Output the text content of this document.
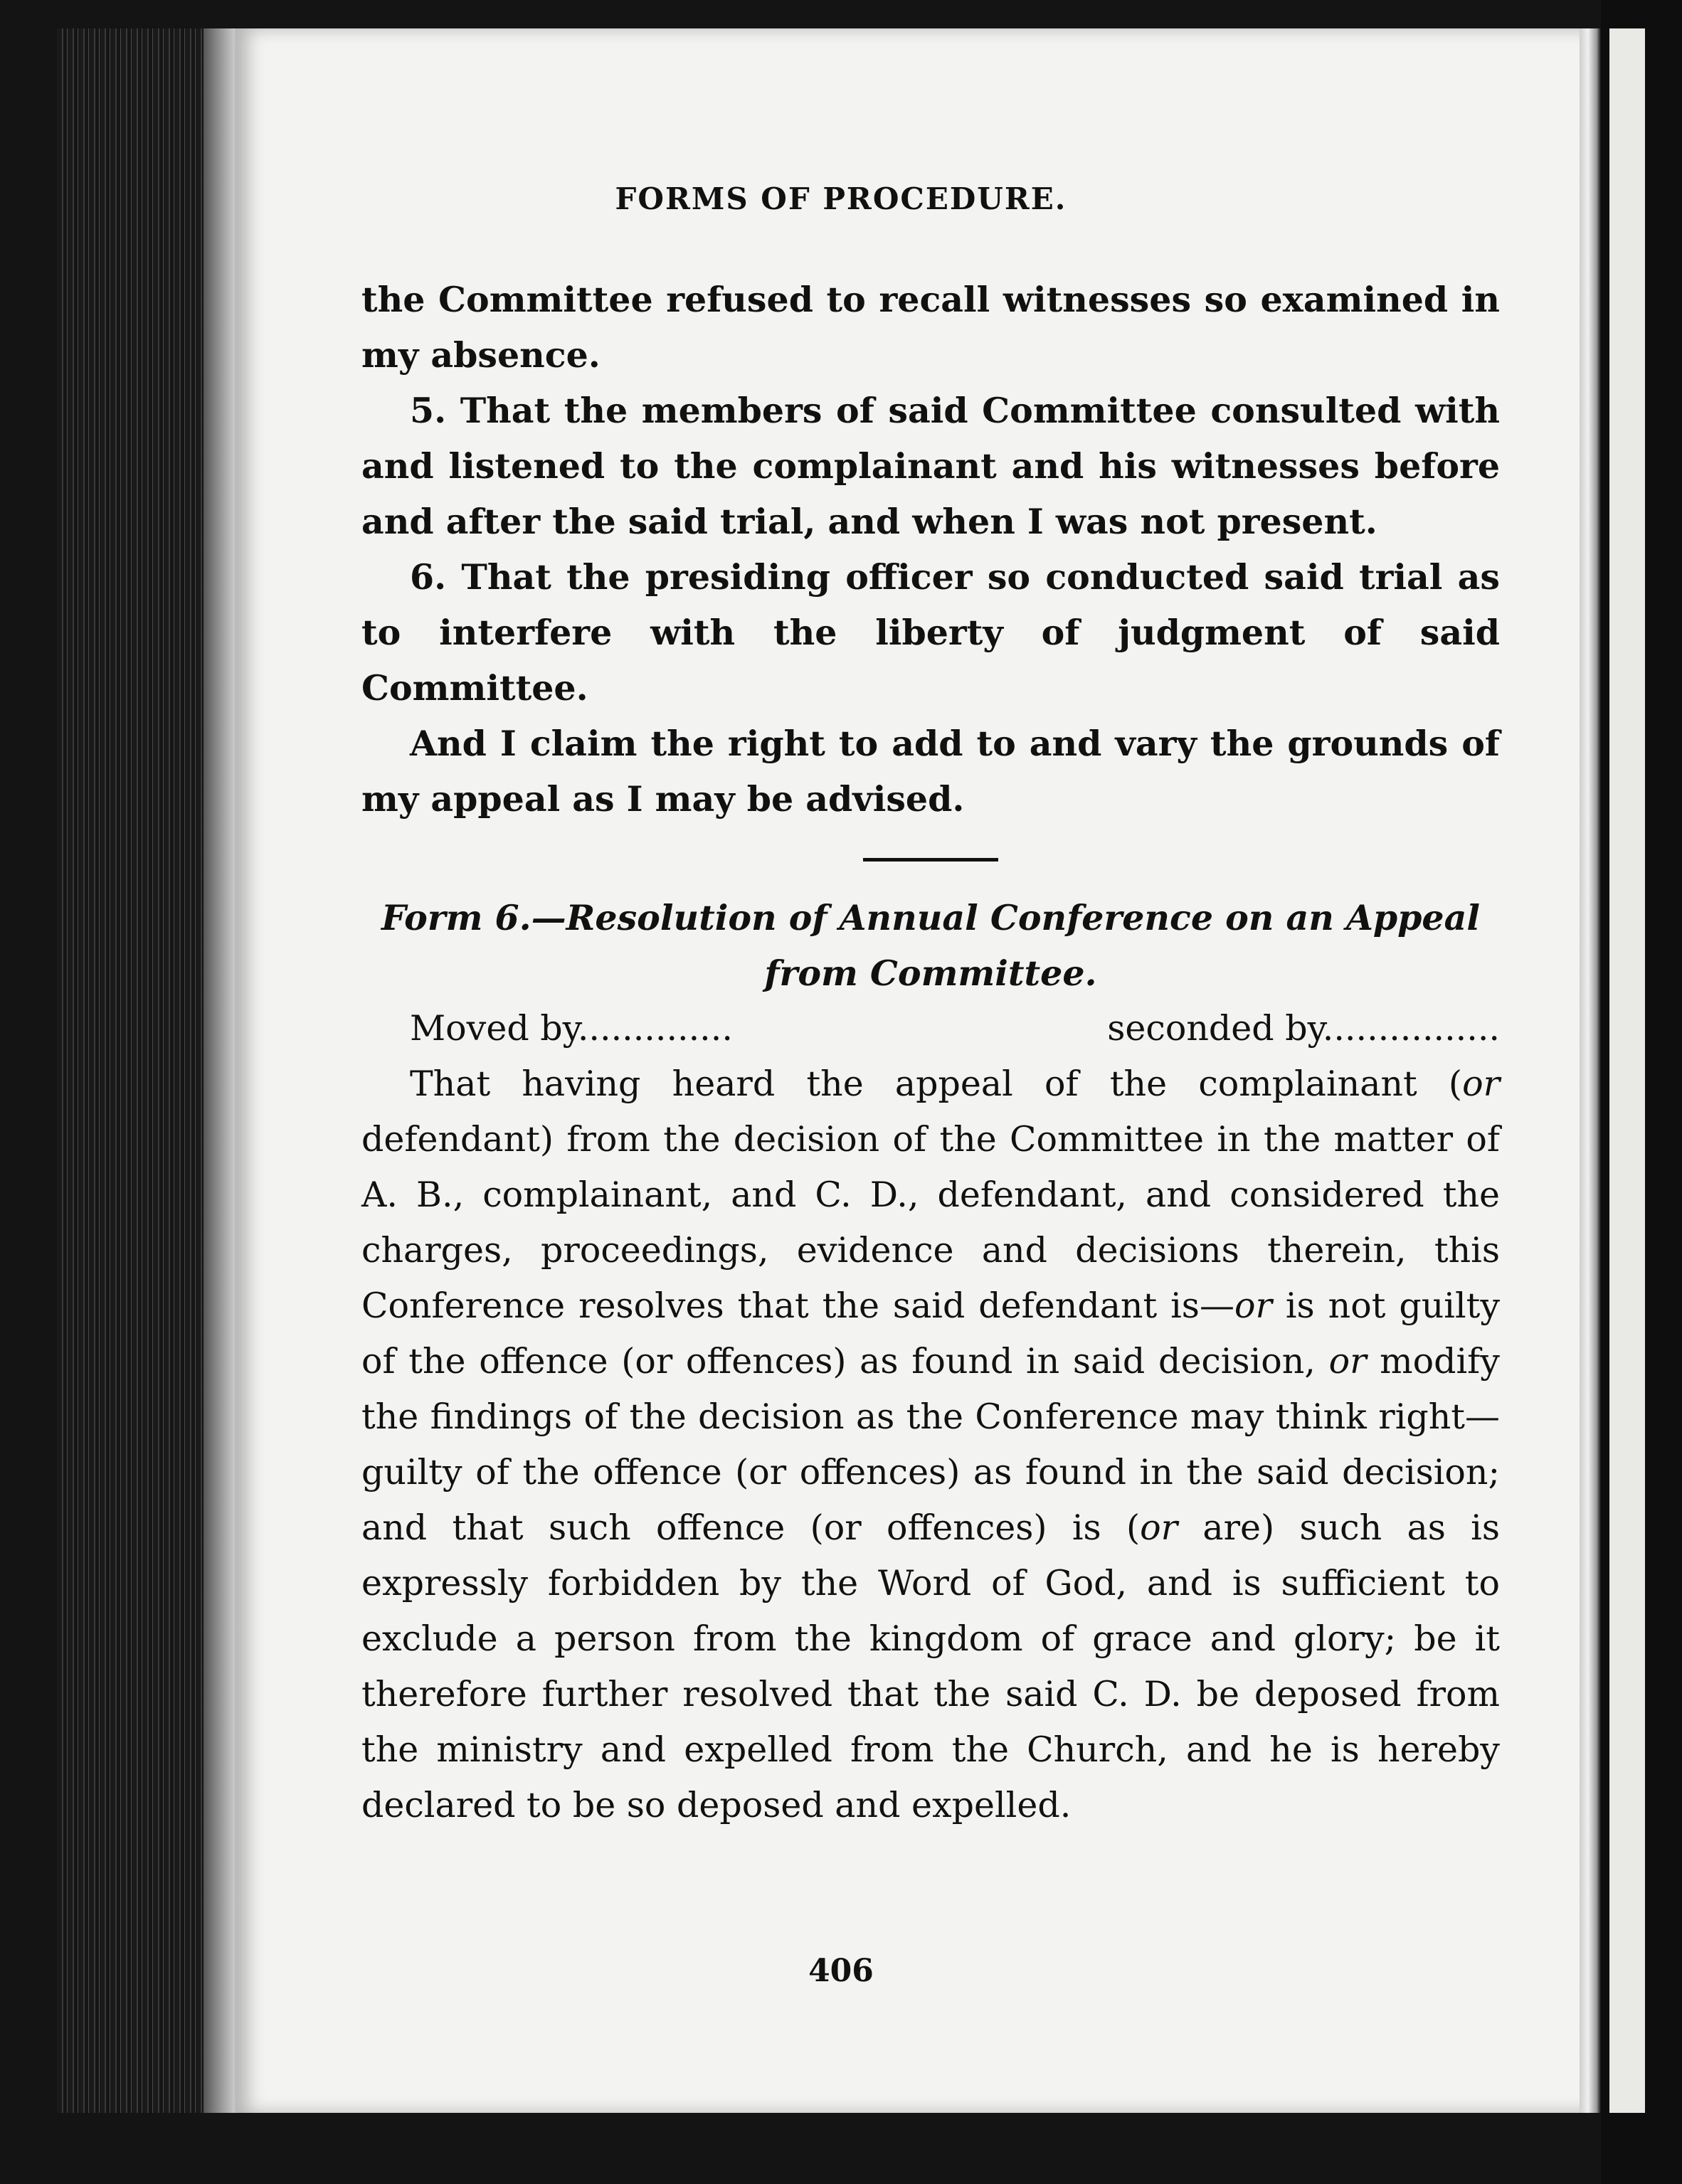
FORMS OF PROCEDURE.

the Committee refused to recall witnesses so examined in my absence.

5. That the members of said Committee consulted with and listened to the complainant and his witnesses before and after the said trial, and when I was not present.

6. That the presiding officer so conducted said trial as to interfere with the liberty of judgment of said Committee.

And I claim the right to add to and vary the grounds of my appeal as I may be advised.

Form 6.—Resolution of Annual Conference on an Appeal

from Committee.

Moved by..............	seconded by................

That having heard the appeal of the complainant (or defendant) from the decision of the Committee in the matter of A. B., complainant, and C. D., defendant, and considered the charges, proceedings, evidence and decisions therein, this Conference resolves that the said defendant is—or is not guilty of the offence (or offences) as found in said decision, or modify the findings of the decision as the Conference may think right—guilty of the offence (or offences) as found in the said decision; and that such offence (or offences) is (or are) such as is expressly forbidden by the Word of God, and is sufficient to exclude a person from the kingdom of grace and glory; be it therefore further resolved that the said C. D. be deposed from the ministry and expelled from the Church, and he is hereby declared to be so deposed and expelled.

406
